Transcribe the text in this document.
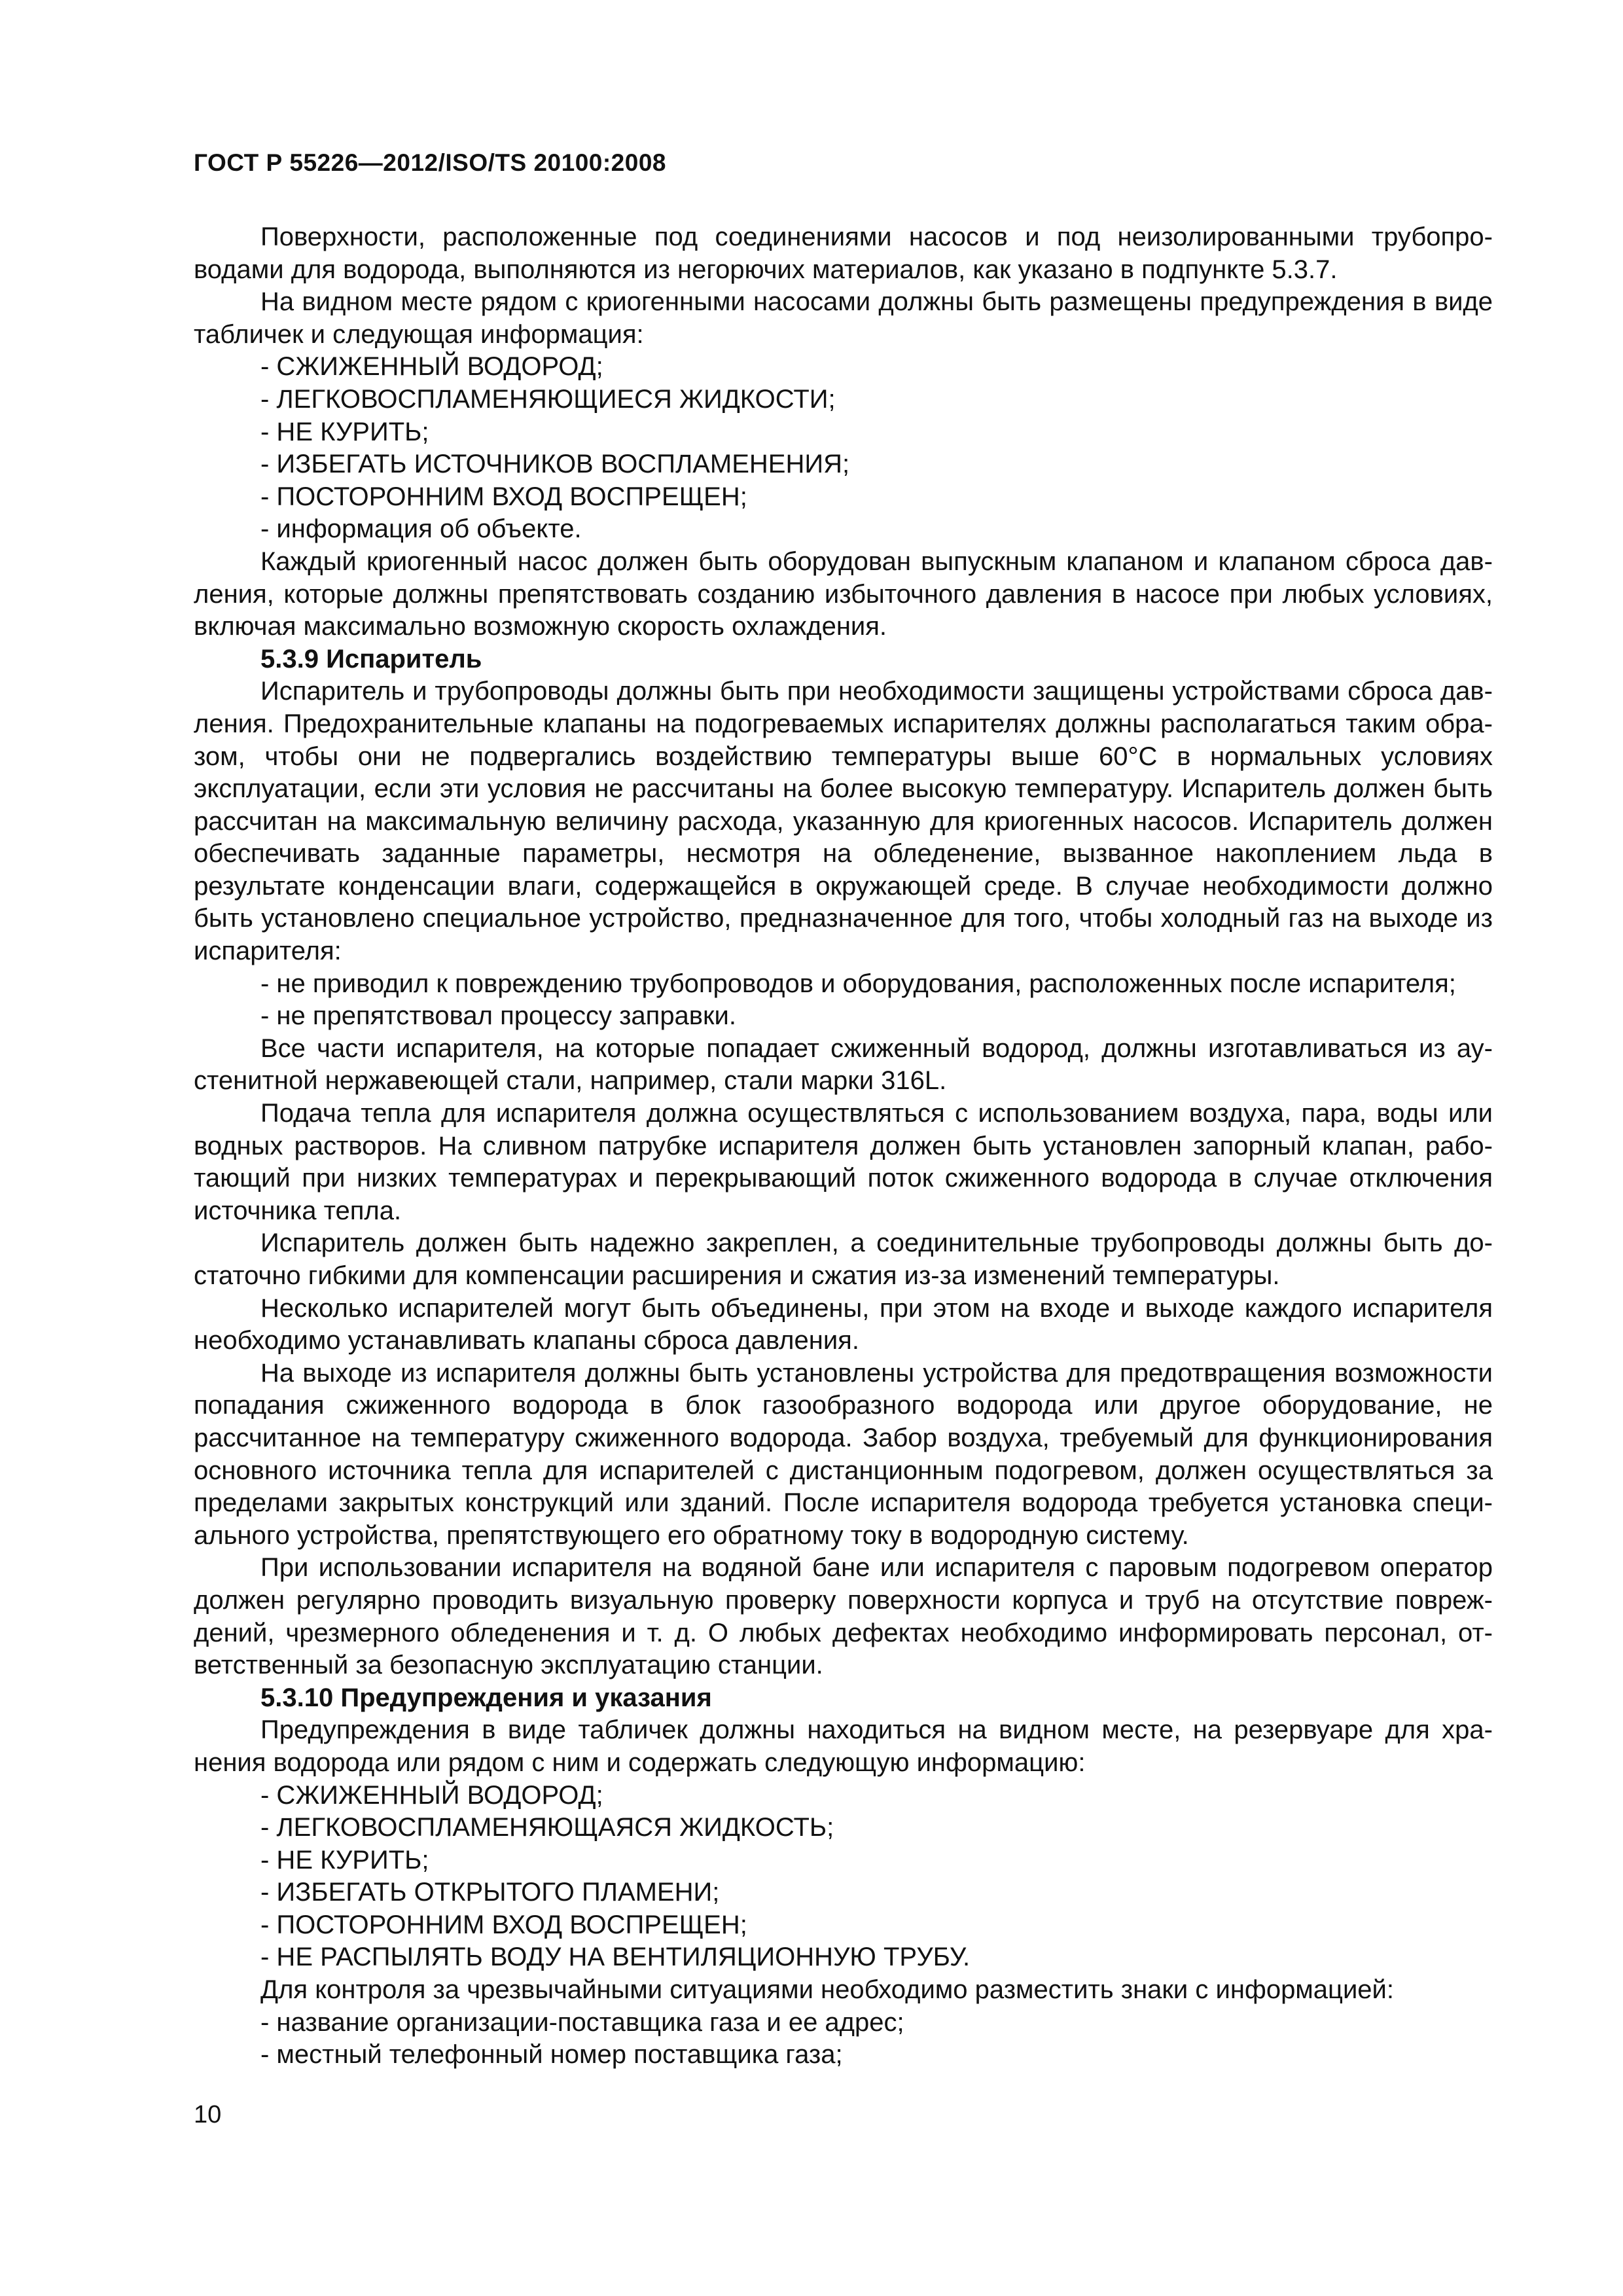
ГОСТ Р 55226—2012/ISO/TS 20100:2008

Поверхности, расположенные под соединениями насосов и под неизолированными трубопроводами для водорода, выполняются из негорючих материалов, как указано в подпункте 5.3.7.

На видном месте рядом с криогенными насосами должны быть размещены предупреждения в виде табличек и следующая информация:

- СЖИЖЕННЫЙ ВОДОРОД;

- ЛЕГКОВОСПЛАМЕНЯЮЩИЕСЯ ЖИДКОСТИ;

- НЕ КУРИТЬ;

- ИЗБЕГАТЬ ИСТОЧНИКОВ ВОСПЛАМЕНЕНИЯ;

- ПОСТОРОННИМ ВХОД ВОСПРЕЩЕН;

- информация об объекте.

Каждый криогенный насос должен быть оборудован выпускным клапаном и клапаном сброса давления, которые должны препятствовать созданию избыточного давления в насосе при любых условиях, включая максимально возможную скорость охлаждения.

5.3.9 Испаритель

Испаритель и трубопроводы должны быть при необходимости защищены устройствами сброса давления. Предохранительные клапаны на подогреваемых испарителях должны располагаться таким образом, чтобы они не подвергались воздействию температуры выше 60°С в нормальных условиях эксплуатации, если эти условия не рассчитаны на более высокую температуру. Испаритель должен быть рассчитан на максимальную величину расхода, указанную для криогенных насосов. Испаритель должен обеспечивать заданные параметры, несмотря на обледенение, вызванное накоплением льда в результате конденсации влаги, содержащейся в окружающей среде. В случае необходимости должно быть установлено специальное устройство, предназначенное для того, чтобы холодный газ на выходе из испарителя:

- не приводил к повреждению трубопроводов и оборудования, расположенных после испарителя;

- не препятствовал процессу заправки.

Все части испарителя, на которые попадает сжиженный водород, должны изготавливаться из аустенитной нержавеющей стали, например, стали марки 316L.

Подача тепла для испарителя должна осуществляться с использованием воздуха, пара, воды или водных растворов. На сливном патрубке испарителя должен быть установлен запорный клапан, работающий при низких температурах и перекрывающий поток сжиженного водорода в случае отключения источника тепла.

Испаритель должен быть надежно закреплен, а соединительные трубопроводы должны быть достаточно гибкими для компенсации расширения и сжатия из-за изменений температуры.

Несколько испарителей могут быть объединены, при этом на входе и выходе каждого испарителя необходимо устанавливать клапаны сброса давления.

На выходе из испарителя должны быть установлены устройства для предотвращения возможности попадания сжиженного водорода в блок газообразного водорода или другое оборудование, не рассчитанное на температуру сжиженного водорода. Забор воздуха, требуемый для функционирования основного источника тепла для испарителей с дистанционным подогревом, должен осуществляться за пределами закрытых конструкций или зданий. После испарителя водорода требуется установка специального устройства, препятствующего его обратному току в водородную систему.

При использовании испарителя на водяной бане или испарителя с паровым подогревом оператор должен регулярно проводить визуальную проверку поверхности корпуса и труб на отсутствие повреждений, чрезмерного обледенения и т. д. О любых дефектах необходимо информировать персонал, ответственный за безопасную эксплуатацию станции.

5.3.10 Предупреждения и указания

Предупреждения в виде табличек должны находиться на видном месте, на резервуаре для хранения водорода или рядом с ним и содержать следующую информацию:

- СЖИЖЕННЫЙ ВОДОРОД;

- ЛЕГКОВОСПЛАМЕНЯЮЩАЯСЯ ЖИДКОСТЬ;

- НЕ КУРИТЬ;

- ИЗБЕГАТЬ ОТКРЫТОГО ПЛАМЕНИ;

- ПОСТОРОННИМ ВХОД ВОСПРЕЩЕН;

- НЕ РАСПЫЛЯТЬ ВОДУ НА ВЕНТИЛЯЦИОННУЮ ТРУБУ.

Для контроля за чрезвычайными ситуациями необходимо разместить знаки с информацией:

- название организации-поставщика газа и ее адрес;

- местный телефонный номер поставщика газа;

10
